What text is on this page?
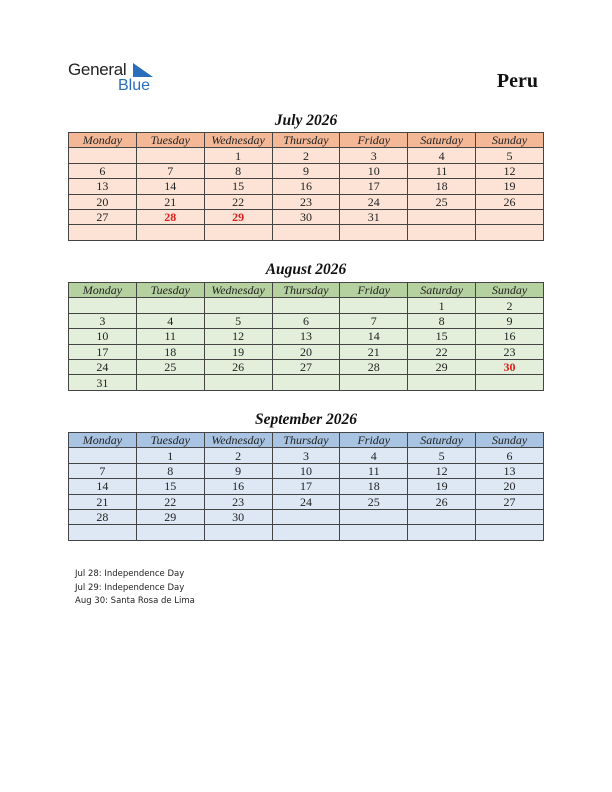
General
Blue	Peru
July 2026
Monday	Tuesday	Wednesday	Thursday	Friday	Saturday	Sunday
		1	2	3	4	5
6	7	8	9	10	11	12
13	14	15	16	17	18	19
20	21	22	23	24	25	26
27	28	29	30	31		

August 2026
Monday	Tuesday	Wednesday	Thursday	Friday	Saturday	Sunday
					1	2
3	4	5	6	7	8	9
10	11	12	13	14	15	16
17	18	19	20	21	22	23
24	25	26	27	28	29	30
31						
September 2026
Monday	Tuesday	Wednesday	Thursday	Friday	Saturday	Sunday
	1	2	3	4	5	6
7	8	9	10	11	12	13
14	15	16	17	18	19	20
21	22	23	24	25	26	27
28	29	30				

Jul 28: Independence Day
Jul 29: Independence Day
Aug 30: Santa Rosa de Lima
